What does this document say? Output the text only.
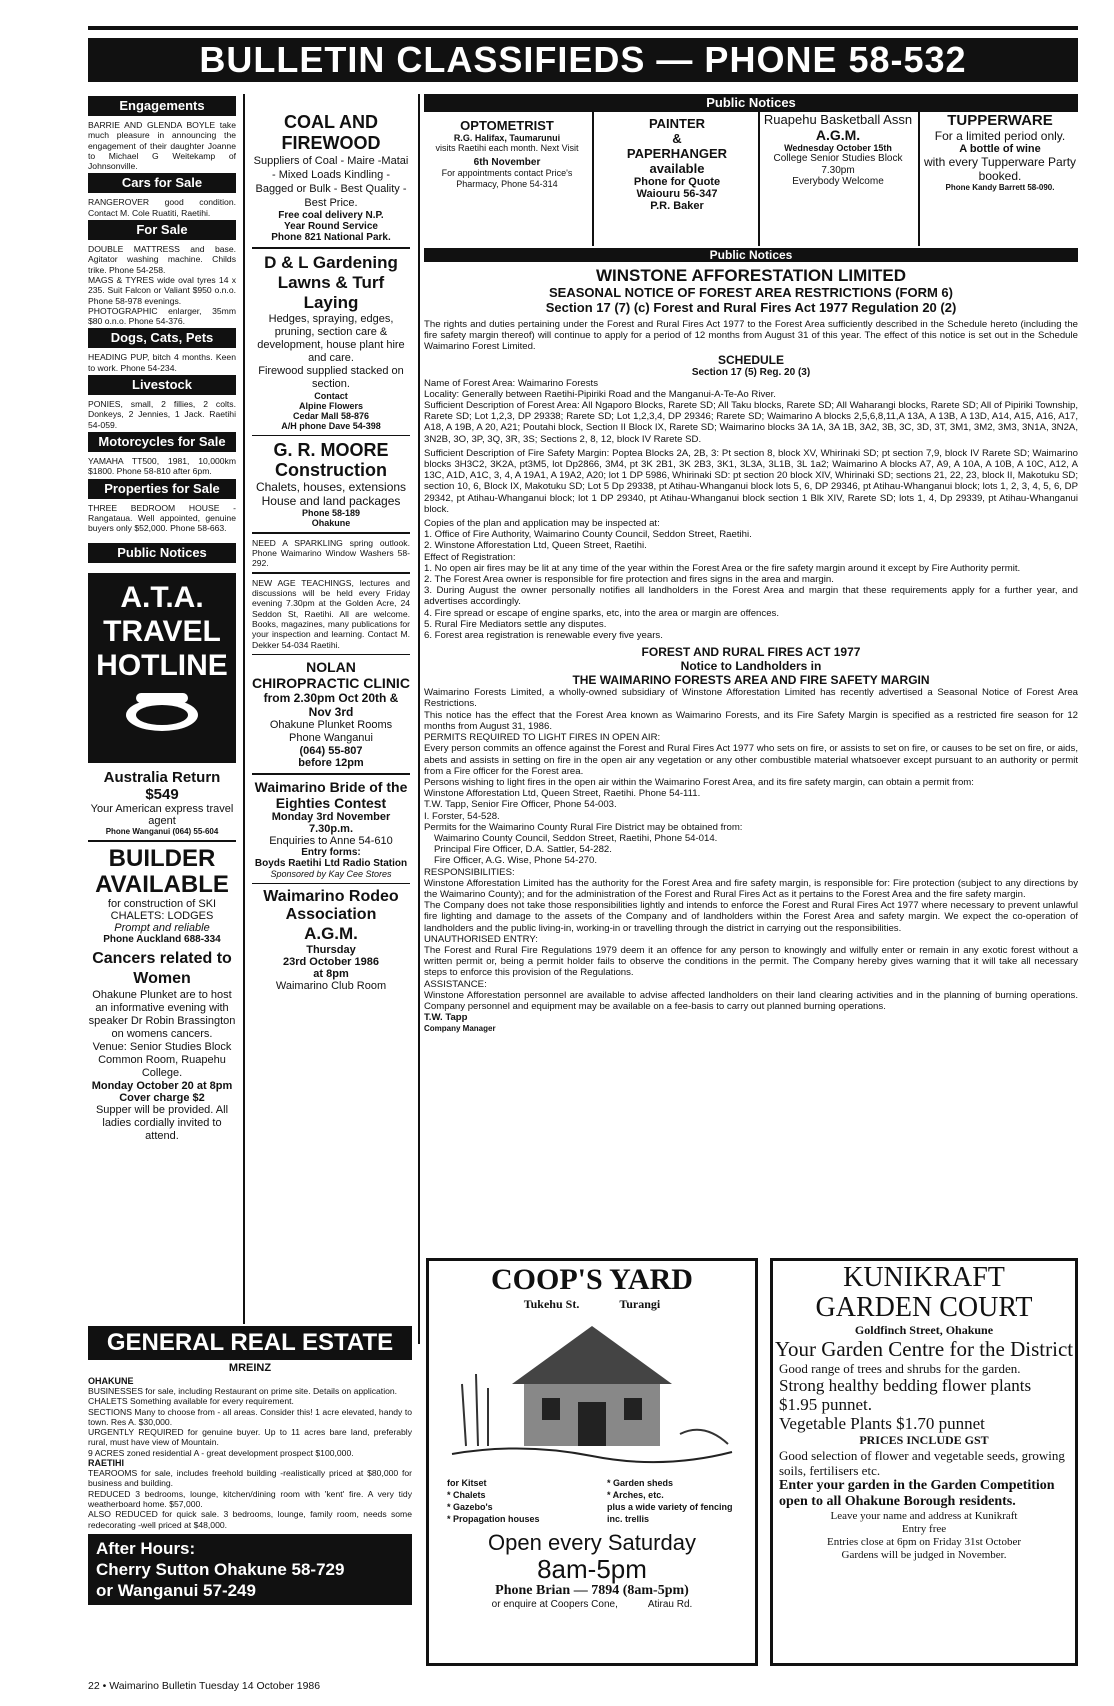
BULLETIN CLASSIFIEDS — PHONE 58-532
Engagements

BARRIE AND GLENDA BOYLE take much pleasure in announcing the engagement of their daughter Joanne to Michael G Weitekamp of Johnsonville.

Cars for Sale

RANGEROVER good condition. Contact M. Cole Ruatiti, Raetihi.

For Sale

DOUBLE MATTRESS and base. Agitator washing machine. Childs trike. Phone 54-258.

MAGS & TYRES wide oval tyres 14 x 235. Suit Falcon or Valiant $950 o.n.o. Phone 58-978 evenings.

PHOTOGRAPHIC enlarger, 35mm $80 o.n.o. Phone 54-376.

Dogs, Cats, Pets

HEADING PUP, bitch 4 months. Keen to work. Phone 54-234.

Livestock

PONIES, small, 2 fillies, 2 colts. Donkeys, 2 Jennies, 1 Jack. Raetihi 54-059.

Motorcycles for Sale

YAMAHA TT500, 1981, 10,000km $1800. Phone 58-810 after 6pm.

Properties for Sale

THREE BEDROOM HOUSE - Rangataua. Well appointed, genuine buyers only $52,000. Phone 58-663.

Public Notices
A.T.A.
TRAVEL
HOTLINE
Australia Return
$549
Your American express travel agent
Phone Wanganui (064) 55-604
BUILDER
AVAILABLE
for construction of SKI CHALETS: LODGES
Prompt and reliable
Phone Auckland 688-334
Cancers related to Women
Ohakune Plunket are to host an informative evening with speaker Dr Robin Brassington on womens cancers.
Venue: Senior Studies Block Common Room, Ruapehu College.
Monday October 20 at 8pm
Cover charge $2
Supper will be provided. All ladies cordially invited to attend.
COAL AND FIREWOOD
Suppliers of Coal - Maire -Matai - Mixed Loads Kindling - Bagged or Bulk - Best Quality - Best Price.
Free coal delivery N.P.
Year Round Service
Phone 821 National Park.
D & L Gardening Lawns & Turf Laying
Hedges, spraying, edges, pruning, section care & development, house plant hire and care.
Firewood supplied stacked on section.
Contact
Alpine Flowers
Cedar Mall 58-876
A/H phone Dave 54-398
G. R. MOORE
Construction
Chalets, houses, extensions
House and land packages
Phone 58-189
Ohakune

NEED A SPARKLING spring outlook. Phone Waimarino Window Washers 58-292.

NEW AGE TEACHINGS, lectures and discussions will be held every Friday evening 7.30pm at the Golden Acre, 24 Seddon St, Raetihi. All are welcome. Books, magazines, many publications for your inspection and learning. Contact M. Dekker 54-034 Raetihi.

NOLAN CHIROPRACTIC CLINIC
from 2.30pm Oct 20th & Nov 3rd
Ohakune Plunket Rooms
Phone Wanganui
(064) 55-807
before 12pm
Waimarino Bride of the Eighties Contest
Monday 3rd November 7.30p.m.
Enquiries to Anne 54-610
Entry forms:
Boyds Raetihi Ltd Radio Station
Sponsored by Kay Cee Stores
Waimarino Rodeo Association
A.G.M.
Thursday
23rd October 1986
at 8pm
Waimarino Club Room
Public Notices
OPTOMETRIST
R.G. Halifax, Taumarunui
visits Raetihi each month. Next Visit
6th November
For appointments contact Price's Pharmacy, Phone 54-314
PAINTER
&
PAPERHANGER
available
Phone for Quote
Waiouru 56-347
P.R. Baker
Ruapehu Basketball Assn
A.G.M.
Wednesday October 15th
College Senior Studies Block
7.30pm
Everybody Welcome
TUPPERWARE
For a limited period only.
A bottle of wine
with every Tupperware Party booked.
Phone Kandy Barrett 58-090.
Public Notices
WINSTONE AFFORESTATION LIMITED
SEASONAL NOTICE OF FOREST AREA RESTRICTIONS (FORM 6)
Section 17 (7) (c) Forest and Rural Fires Act 1977 Regulation 20 (2)

The rights and duties pertaining under the Forest and Rural Fires Act 1977 to the Forest Area sufficiently described in the Schedule hereto (including the fire safety margin thereof) will continue to apply for a period of 12 months from August 31 of this year. The effect of this notice is set out in the Schedule Waimarino Forest Limited.

SCHEDULE
Section 17 (5) Reg. 20 (3)

Name of Forest Area: Waimarino Forests

Locality: Generally between Raetihi-Pipiriki Road and the Manganui-A-Te-Ao River.

Sufficient Description of Forest Area: All Ngaporo Blocks, Rarete SD; All Taku blocks, Rarete SD; All Waharangi blocks, Rarete SD; All of Pipiriki Township, Rarete SD; Lot 1,2,3, DP 29338; Rarete SD; Lot 1,2,3,4, DP 29346; Rarete SD; Waimarino A blocks 2,5,6,8,11,A 13A, A 13B, A 13D, A14, A15, A16, A17, A18, A 19B, A 20, A21; Poutahi block, Section II Block IX, Rarete SD; Waimarino blocks 3A 1A, 3A 1B, 3A2, 3B, 3C, 3D, 3T, 3M1, 3M2, 3M3, 3N1A, 3N2A, 3N2B, 3O, 3P, 3Q, 3R, 3S; Sections 2, 8, 12, block IV Rarete SD.

Sufficient Description of Fire Safety Margin: Poptea Blocks 2A, 2B, 3: Pt section 8, block XV, Whirinaki SD; pt section 7,9, block IV Rarete SD; Waimarino blocks 3H3C2, 3K2A, pt3M5, lot Dp2866, 3M4, pt 3K 2B1, 3K 2B3, 3K1, 3L3A, 3L1B, 3L 1a2; Waimarino A blocks A7, A9, A 10A, A 10B, A 10C, A12, A 13C, A1D, A1C, 3, 4, A 19A1, A 19A2, A20; lot 1 DP 5986, Whirinaki SD: pt section 20 block XIV, Whirinaki SD; sections 21, 22, 23, block II, Makotuku SD; section 10, 6, Block IX, Makotuku SD; Lot 5 Dp 29338, pt Atihau-Whanganui block lots 5, 6, DP 29346, pt Atihau-Whanganui block; lots 1, 2, 3, 4, 5, 6, DP 29342, pt Atihau-Whanganui block; lot 1 DP 29340, pt Atihau-Whanganui block section 1 Blk XIV, Rarete SD; lots 1, 4, Dp 29339, pt Atihau-Whanganui block.

Copies of the plan and application may be inspected at:

1. Office of Fire Authority, Waimarino County Council, Seddon Street, Raetihi.

2. Winstone Afforestation Ltd, Queen Street, Raetihi.

Effect of Registration:

1. No open air fires may be lit at any time of the year within the Forest Area or the fire safety margin around it except by Fire Authority permit.

2. The Forest Area owner is responsible for fire protection and fires signs in the area and margin.

3. During August the owner personally notifies all landholders in the Forest Area and margin that these requirements apply for a further year, and advertises accordingly.

4. Fire spread or escape of engine sparks, etc, into the area or margin are offences.

5. Rural Fire Mediators settle any disputes.

6. Forest area registration is renewable every five years.

FOREST AND RURAL FIRES ACT 1977
Notice to Landholders in
THE WAIMARINO FORESTS AREA AND FIRE SAFETY MARGIN

Waimarino Forests Limited, a wholly-owned subsidiary of Winstone Afforestation Limited has recently advertised a Seasonal Notice of Forest Area Restrictions.

This notice has the effect that the Forest Area known as Waimarino Forests, and its Fire Safety Margin is specified as a restricted fire season for 12 months from August 31, 1986.

PERMITS REQUIRED TO LIGHT FIRES IN OPEN AIR:

Every person commits an offence against the Forest and Rural Fires Act 1977 who sets on fire, or assists to set on fire, or causes to be set on fire, or aids, abets and assists in setting on fire in the open air any vegetation or any other combustible material whatsoever except pursuant to an authority or permit from a Fire officer for the Forest area.

Persons wishing to light fires in the open air within the Waimarino Forest Area, and its fire safety margin, can obtain a permit from:

Winstone Afforestation Ltd, Queen Street, Raetihi. Phone 54-111.

T.W. Tapp, Senior Fire Officer, Phone 54-003.

I. Forster, 54-528.

Permits for the Waimarino County Rural Fire District may be obtained from:

Waimarino County Council, Seddon Street, Raetihi, Phone 54-014.

Principal Fire Officer, D.A. Sattler, 54-282.

Fire Officer, A.G. Wise, Phone 54-270.

RESPONSIBILITIES:

Winstone Afforestation Limited has the authority for the Forest Area and fire safety margin, is responsible for: Fire protection (subject to any directions by the Waimarino County); and for the administration of the Forest and Rural Fires Act as it pertains to the Forest Area and the fire safety margin.

The Company does not take those responsibilities lightly and intends to enforce the Forest and Rural Fires Act 1977 where necessary to prevent unlawful fire lighting and damage to the assets of the Company and of landholders within the Forest Area and safety margin. We expect the co-operation of landholders and the public living-in, working-in or travelling through the district in carrying out the responsibilities.

UNAUTHORISED ENTRY:

The Forest and Rural Fire Regulations 1979 deem it an offence for any person to knowingly and wilfully enter or remain in any exotic forest without a written permit or, being a permit holder fails to observe the conditions in the permit. The Company hereby gives warning that it will take all necessary steps to enforce this provision of the Regulations.

ASSISTANCE:

Winstone Afforestation personnel are available to advise affected landholders on their land clearing activities and in the planning of burning operations. Company personnel and equipment may be available on a fee-basis to carry out planned burning operations.

T.W. Tapp

Company Manager

COOP'S YARD
Tukehu St.	Turangi
for Kitset
* Chalets
* Gazebo's
* Propagation houses
* Garden sheds
* Arches, etc.
plus a wide variety of fencing inc. trellis
Open every Saturday
8am-5pm
Phone Brian — 7894 (8am-5pm)
or enquire at Coopers Cone,	Atirau Rd.
KUNIKRAFT
GARDEN COURT
Goldfinch Street, Ohakune
Your Garden Centre for the District
Good range of trees and shrubs for the garden.
Strong healthy bedding flower plants $1.95 punnet.
Vegetable Plants $1.70 punnet
PRICES INCLUDE GST
Good selection of flower and vegetable seeds, growing soils, fertilisers etc.
Enter your garden in the Garden Competition open to all Ohakune Borough residents.
Leave your name and address at Kunikraft
Entry free
Entries close at 6pm on Friday 31st October
Gardens will be judged in November.
GENERAL REAL ESTATE
MREINZ
OHAKUNE
BUSINESSES for sale, including Restaurant on prime site. Details on application.
CHALETS Something available for every requirement.
SECTIONS Many to choose from - all areas. Consider this! 1 acre elevated, handy to town. Res A. $30,000.
URGENTLY REQUIRED for genuine buyer. Up to 11 acres bare land, preferably rural, must have view of Mountain.
9 ACRES zoned residential A - great development prospect $100,000.
RAETIHI
TEAROOMS for sale, includes freehold building -realistically priced at $80,000 for business and building.
REDUCED 3 bedrooms, lounge, kitchen/dining room with 'kent' fire. A very tidy weatherboard home. $57,000.
ALSO REDUCED for quick sale. 3 bedrooms, lounge, family room, needs some redecorating -well priced at $48,000.
After Hours:
Cherry Sutton Ohakune 58-729
or Wanganui 57-249
22 • Waimarino Bulletin Tuesday 14 October 1986
